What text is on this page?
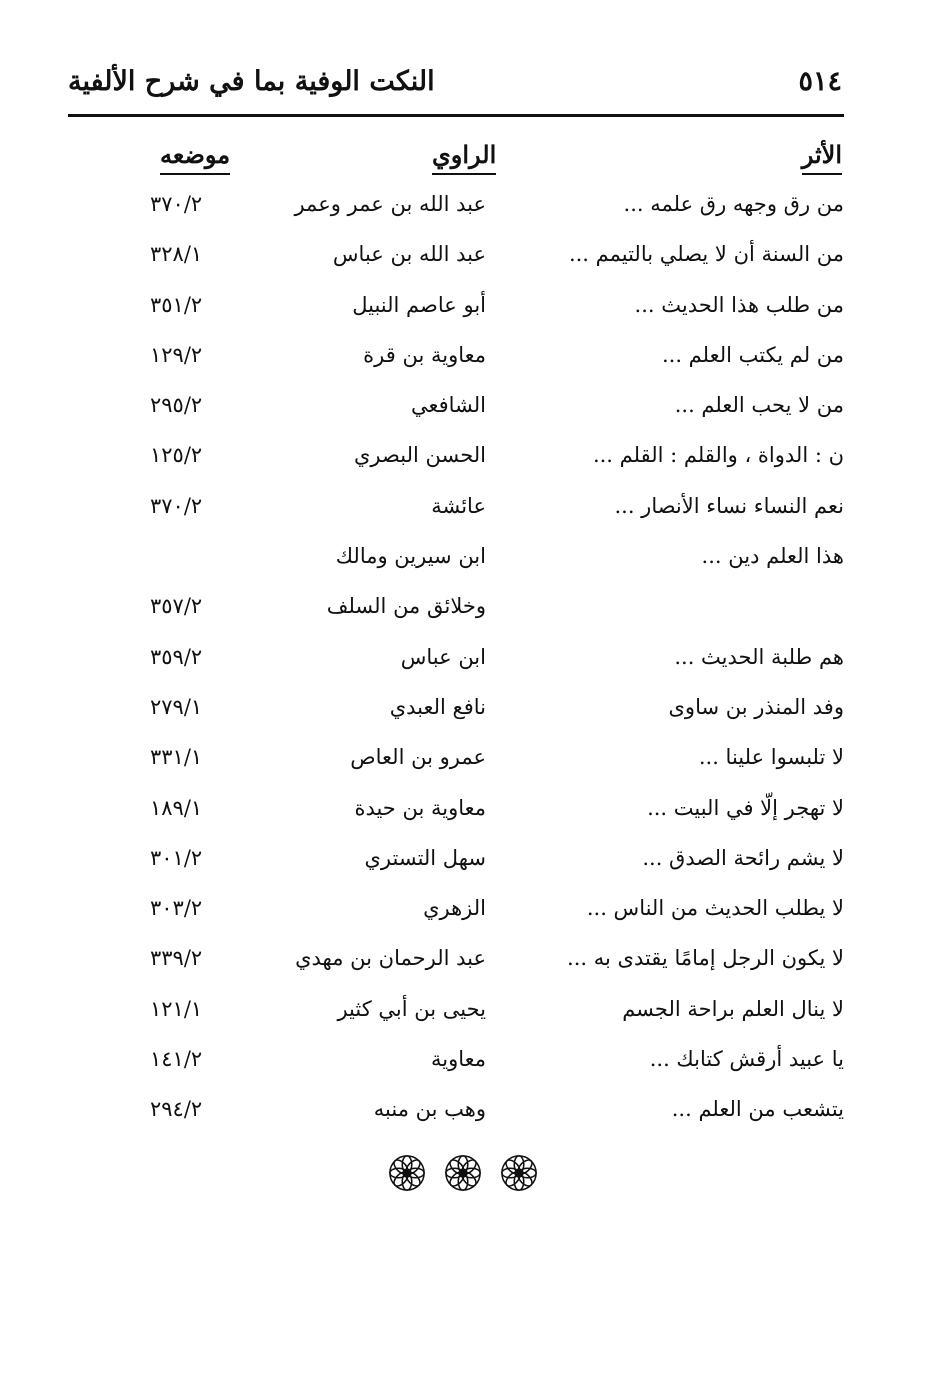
النكت الوفية بما في شرح الألفية	٥١٤
الأثر
الراوي
موضعه
من رق وجهه رق علمه ...
عبد الله بن عمر وعمر
٣٧٠/٢
من السنة أن لا يصلي بالتيمم ...
عبد الله بن عباس
٣٢٨/١
من طلب هذا الحديث ...
أبو عاصم النبيل
٣٥١/٢
من لم يكتب العلم ...
معاوية بن قرة
١٢٩/٢
من لا يحب العلم ...
الشافعي
٢٩٥/٢
ن : الدواة ، والقلم : القلم ...
الحسن البصري
١٢٥/٢
نعم النساء نساء الأنصار ...
عائشة
٣٧٠/٢
هذا العلم دين ...
ابن سيرين ومالك
وخلائق من السلف
٣٥٧/٢
هم طلبة الحديث ...
ابن عباس
٣٥٩/٢
وفد المنذر بن ساوى
نافع العبدي
٢٧٩/١
لا تلبسوا علينا ...
عمرو بن العاص
٣٣١/١
لا تهجر إلّا في البيت ...
معاوية بن حيدة
١٨٩/١
لا يشم رائحة الصدق ...
سهل التستري
٣٠١/٢
لا يطلب الحديث من الناس ...
الزهري
٣٠٣/٢
لا يكون الرجل إمامًا يقتدى به ...
عبد الرحمان بن مهدي
٣٣٩/٢
لا ينال العلم براحة الجسم
يحيى بن أبي كثير
١٢١/١
يا عبيد أرقش كتابك ...
معاوية
١٤١/٢
يتشعب من العلم ...
وهب بن منبه
٢٩٤/٢
